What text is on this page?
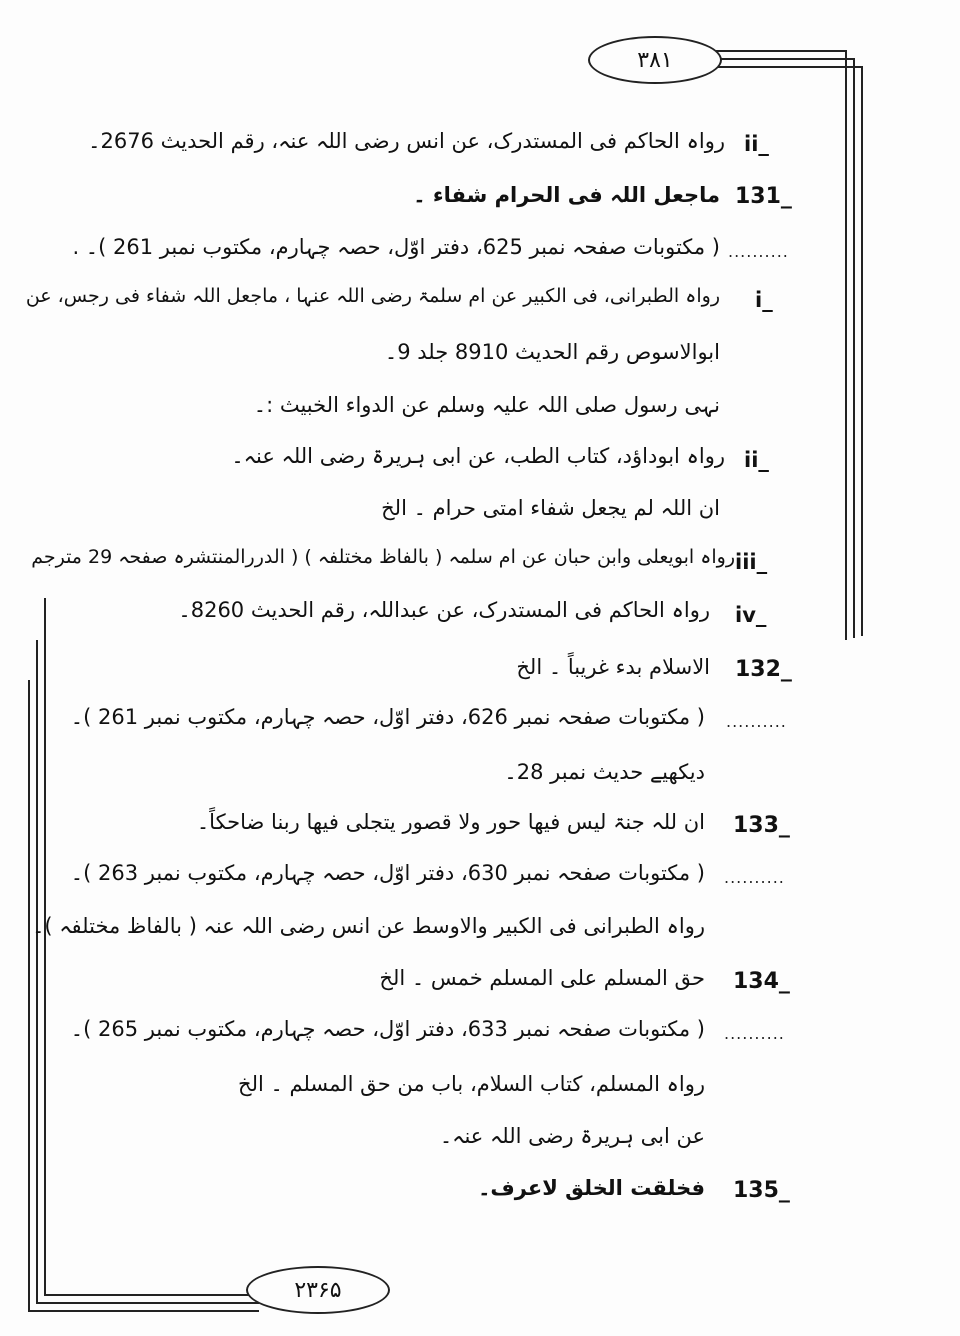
۳۸۱
۲۳۶۵
ii_
رواہ الحاکم فی المستدرک، عن انس رضی اللہ عنہ، رقم الحدیث 2676۔
131_
ماجعل اللہ فی الحرام شفاء ۔
..........
( مکتوبات صفحہ نمبر 625، دفتر اوّل، حصہ چہارم، مکتوب نمبر 261 )۔ .
i_
رواہ الطبرانی، فی الکبیر عن ام سلمۃ رضی اللہ عنہا ، ماجعل اللہ شفاء فی رجس، عن
ابوالاسوص رقم الحدیث 8910 جلد 9۔
نہی رسول صلی اللہ علیہ وسلم عن الدواء الخبیث :۔
ii_
رواہ ابوداؤد، کتاب الطب، عن ابی ہریرۃ رضی اللہ عنہ۔
ان اللہ لم یجعل شفاء امتی حرام ۔ الخ
iii_
رواہ ابویعلی وابن حبان عن ام سلمہ ( بالفاظ مختلفہ ) ( الدررالمنتشرہ صفحہ 29 مترجم
iv_
رواہ الحاکم فی المستدرک، عن عبداللہ، رقم الحدیث 8260۔
132_
الاسلام بدء غریباً ۔ الخ
..........
( مکتوبات صفحہ نمبر 626، دفتر اوّل، حصہ چہارم، مکتوب نمبر 261 )۔
دیکھیے حدیث نمبر 28۔
133_
ان للہ جنۃ لیس فیھا حور ولا قصور یتجلی فیھا ربنا ضاحکاً۔
..........
( مکتوبات صفحہ نمبر 630، دفتر اوّل، حصہ چہارم، مکتوب نمبر 263 )۔
رواہ الطبرانی فی الکبیر والاوسط عن انس رضی اللہ عنہ ( بالفاظ مختلفہ )۔
134_
حق المسلم علی المسلم خمس ۔ الخ
..........
( مکتوبات صفحہ نمبر 633، دفتر اوّل، حصہ چہارم، مکتوب نمبر 265 )۔
رواہ المسلم، کتاب السلام، باب من حق المسلم ۔ الخ
عن ابی ہریرۃ رضی اللہ عنہ۔
135_
فخلقت الخلق لاعرف۔
